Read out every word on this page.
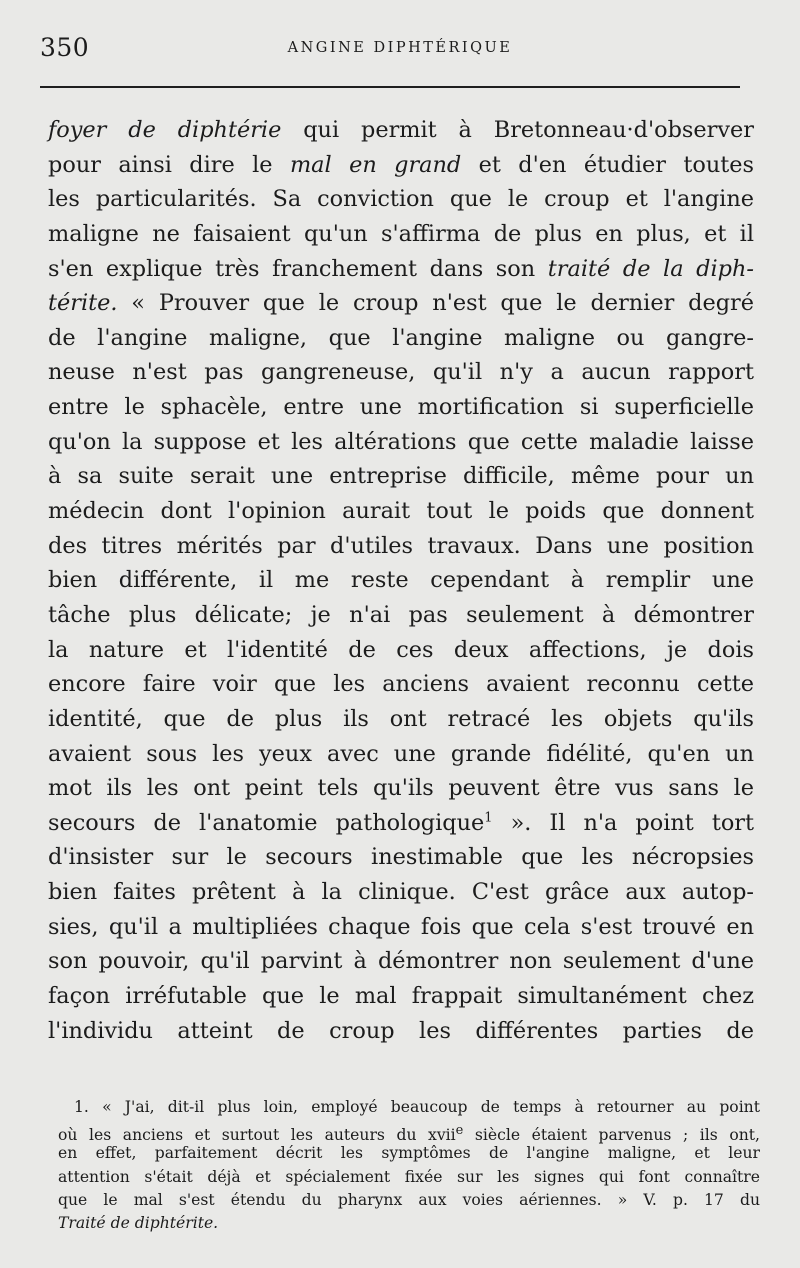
350	ANGINE DIPHTÉRIQUE
foyer de diphtérie qui permit à Bretonneau·d'observer
pour ainsi dire le mal en grand et d'en étudier toutes
les particularités. Sa conviction que le croup et l'angine
maligne ne faisaient qu'un s'affirma de plus en plus, et il
s'en explique très franchement dans son traité de la diph-
térite. « Prouver que le croup n'est que le dernier degré
de l'angine maligne, que l'angine maligne ou gangre-
neuse n'est pas gangreneuse, qu'il n'y a aucun rapport
entre le sphacèle, entre une mortification si superficielle
qu'on la suppose et les altérations que cette maladie laisse
à sa suite serait une entreprise difficile, même pour un
médecin dont l'opinion aurait tout le poids que donnent
des titres mérités par d'utiles travaux. Dans une position
bien différente, il me reste cependant à remplir une
tâche plus délicate; je n'ai pas seulement à démontrer
la nature et l'identité de ces deux affections, je dois
encore faire voir que les anciens avaient reconnu cette
identité, que de plus ils ont retracé les objets qu'ils
avaient sous les yeux avec une grande fidélité, qu'en un
mot ils les ont peint tels qu'ils peuvent être vus sans le
secours de l'anatomie pathologique$^1$ ». Il n'a point tort
d'insister sur le secours inestimable que les nécropsies
bien faites prêtent à la clinique. C'est grâce aux autop-
sies, qu'il a multipliées chaque fois que cela s'est trouvé en
son pouvoir, qu'il parvint à démontrer non seulement d'une
façon irréfutable que le mal frappait simultanément chez
l'individu atteint de croup les différentes parties de
1. « J'ai, dit-il plus loin, employé beaucoup de temps à retourner au point
où les anciens et surtout les auteurs du xvii$^e$ siècle étaient parvenus ; ils ont,
en effet, parfaitement décrit les symptômes de l'angine maligne, et leur
attention s'était déjà et spécialement fixée sur les signes qui font connaître
que le mal s'est étendu du pharynx aux voies aériennes. » V. p. 17 du
Traité de diphtérite.
